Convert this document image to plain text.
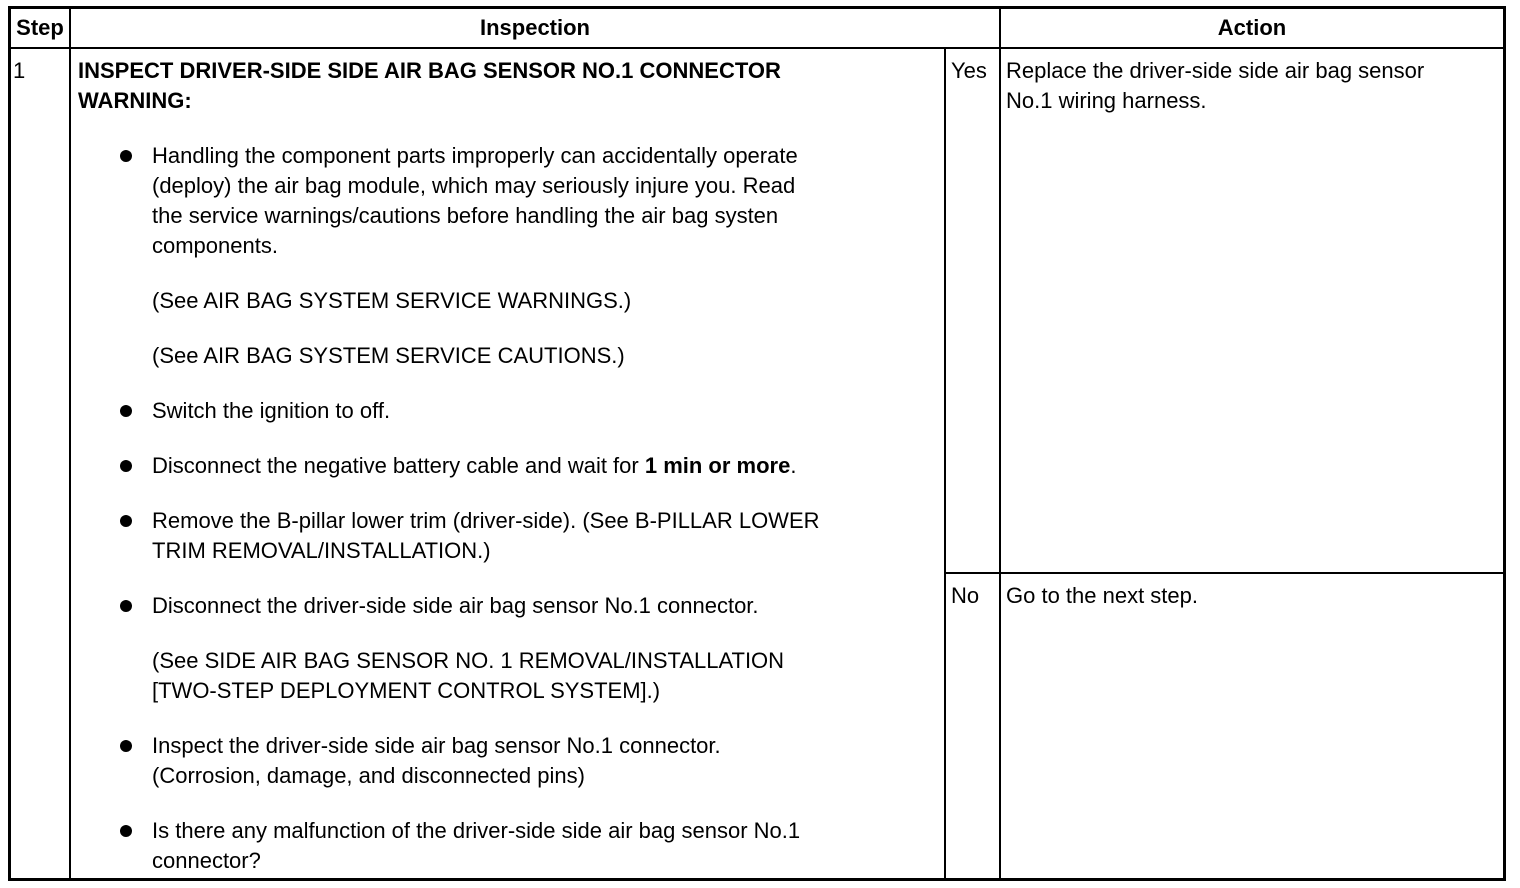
Step	Inspection	Action
1 INSPECT DRIVER-SIDE SIDE AIR BAG SENSOR NO.1 CONNECTOR
WARNING:
Handling the component parts improperly can accidentally operate
(deploy) the air bag module, which may seriously injure you. Read
the service warnings/cautions before handling the air bag systen
components.
(See AIR BAG SYSTEM SERVICE WARNINGS.)
(See AIR BAG SYSTEM SERVICE CAUTIONS.)
Switch the ignition to off.
Disconnect the negative battery cable and wait for 1 min or more.
Remove the B-pillar lower trim (driver-side). (See B-PILLAR LOWER
TRIM REMOVAL/INSTALLATION.)
Disconnect the driver-side side air bag sensor No.1 connector.
(See SIDE AIR BAG SENSOR NO. 1 REMOVAL/INSTALLATION
[TWO-STEP DEPLOYMENT CONTROL SYSTEM].)
Inspect the driver-side side air bag sensor No.1 connector.
(Corrosion, damage, and disconnected pins)
Is there any malfunction of the driver-side side air bag sensor No.1
connector?
Yes Replace the driver-side side air bag sensor
No.1 wiring harness.
No Go to the next step.
